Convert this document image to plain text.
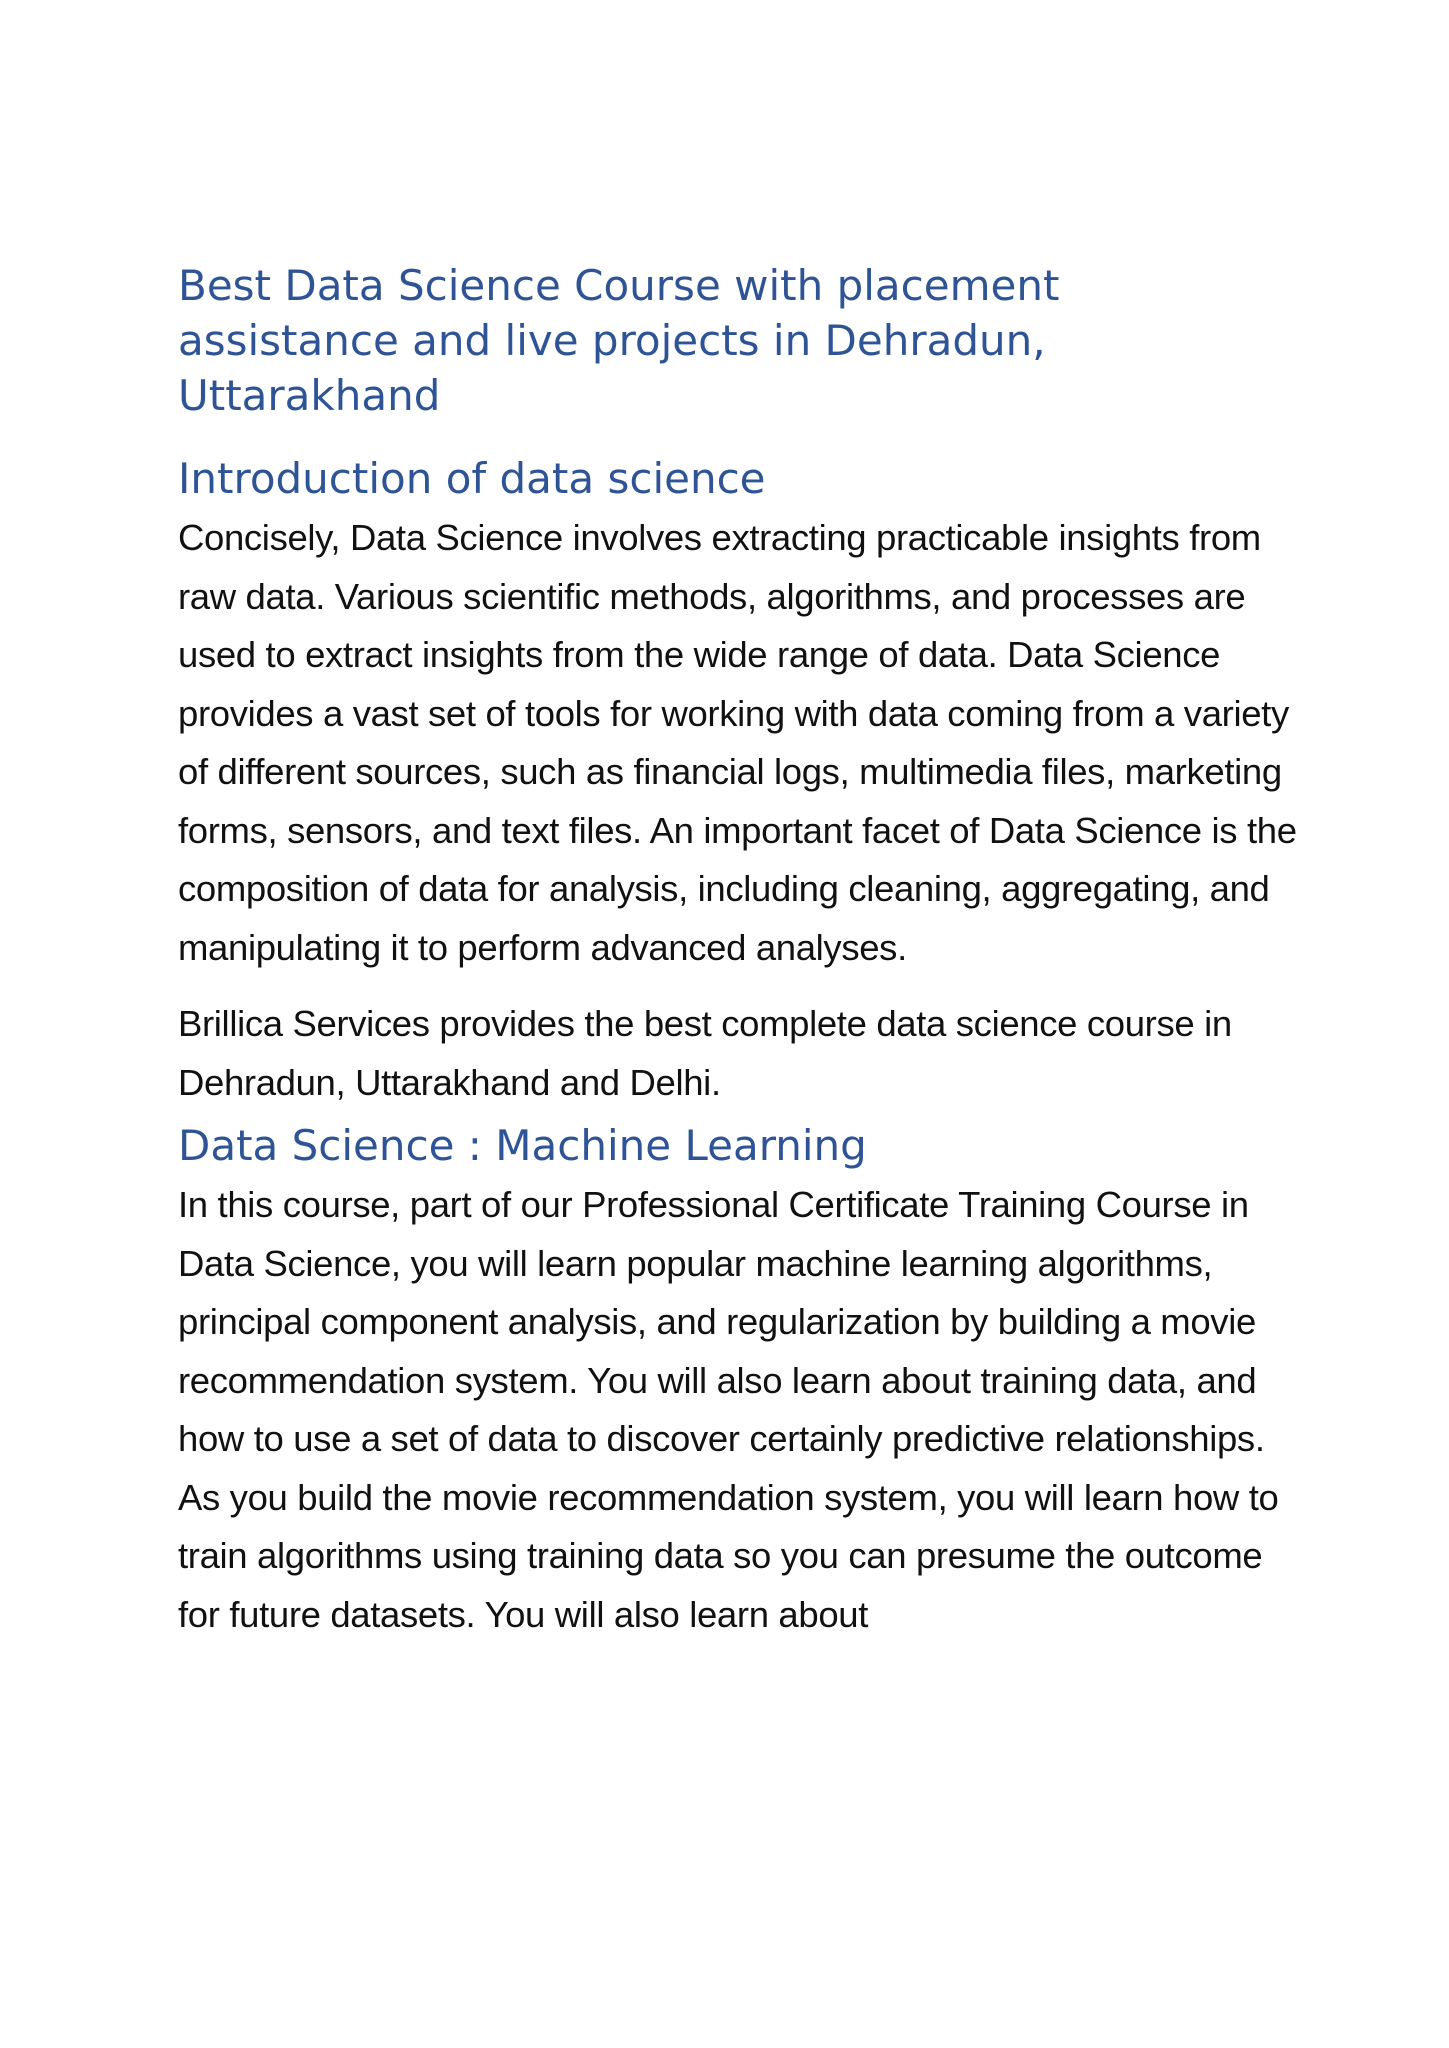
Best Data Science Course with placement assistance and live projects in Dehradun, Uttarakhand
Introduction of data science

Concisely, Data Science involves extracting practicable insights from raw data. Various scientific methods, algorithms, and processes are used to extract insights from the wide range of data. Data Science provides a vast set of tools for working with data coming from a variety of different sources, such as financial logs, multimedia files, marketing forms, sensors, and text files. An important facet of Data Science is the composition of data for analysis, including cleaning, aggregating, and manipulating it to perform advanced analyses.

Brillica Services provides the best complete data science course in Dehradun, Uttarakhand and Delhi.

Data Science : Machine Learning

In this course, part of our Professional Certificate Training Course in Data Science, you will learn popular machine learning algorithms, principal component analysis, and regularization by building a movie recommendation system. You will also learn about training data, and how to use a set of data to discover certainly predictive relationships. As you build the movie recommendation system, you will learn how to train algorithms using training data so you can presume the outcome for future datasets. You will also learn about
